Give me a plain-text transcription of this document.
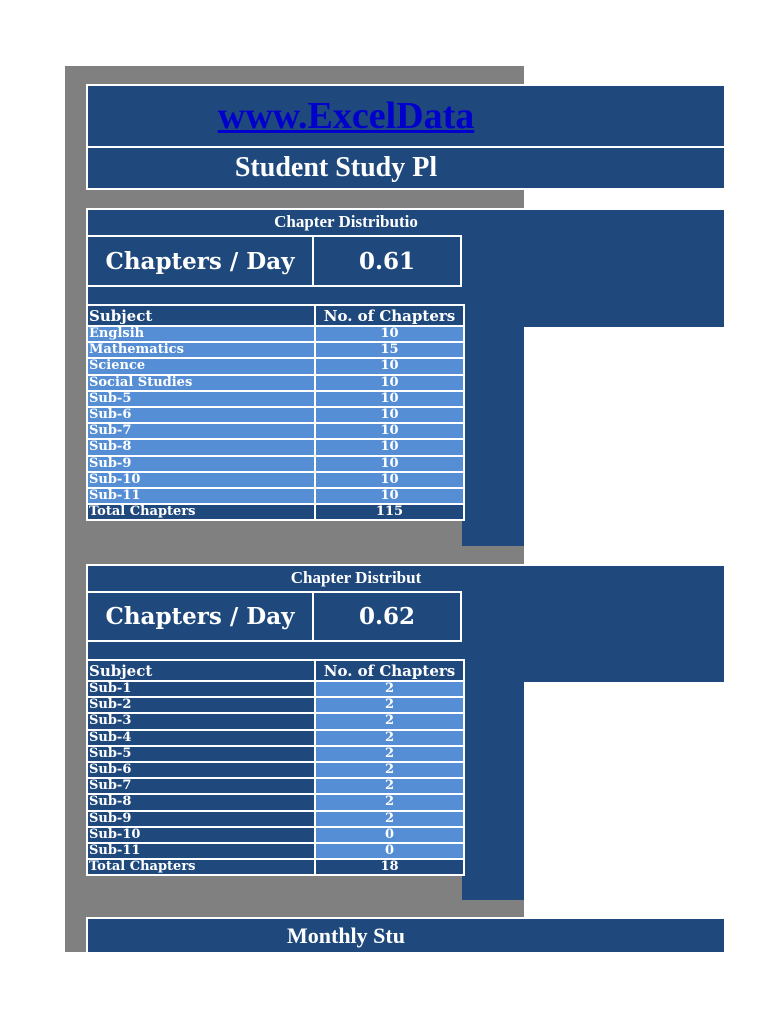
www.ExcelData
Student Study Pl
Chapter Distributio
Chapters / Day	0.61
Subject	No. of Chapters
Englsih	10
Mathematics	15
Science	10
Social Studies	10
Sub-5	10
Sub-6	10
Sub-7	10
Sub-8	10
Sub-9	10
Sub-10	10
Sub-11	10
Total Chapters	115
Chapter Distribut
Chapters / Day	0.62
Subject	No. of Chapters
Sub-1	2
Sub-2	2
Sub-3	2
Sub-4	2
Sub-5	2
Sub-6	2
Sub-7	2
Sub-8	2
Sub-9	2
Sub-10	0
Sub-11	0
Total Chapters	18
Monthly Stu
